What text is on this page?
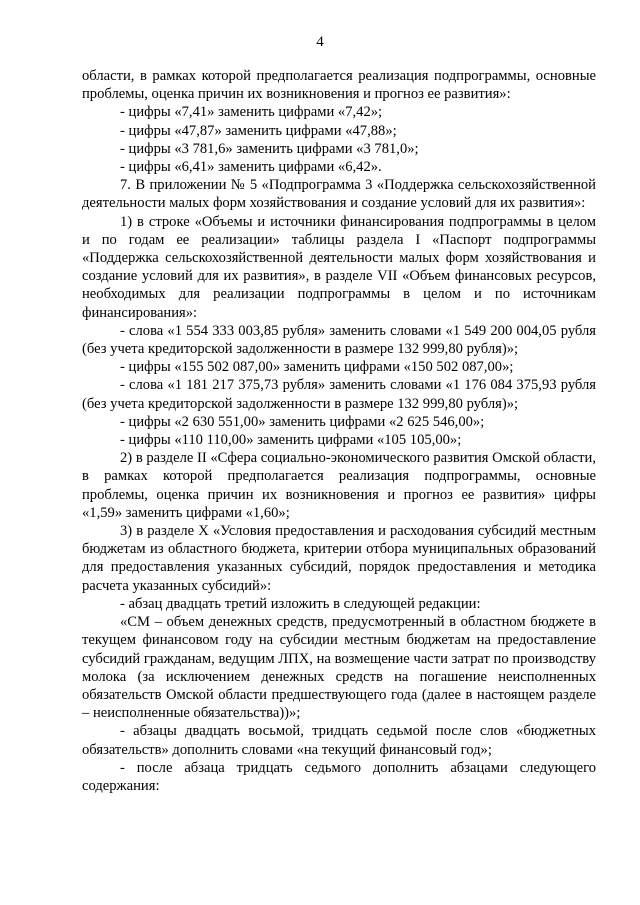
4

области, в рамках которой предполагается реализация подпрограммы, основные проблемы, оценка причин их возникновения и прогноз ее развития»:

- цифры «7,41» заменить цифрами «7,42»;

- цифры «47,87» заменить цифрами «47,88»;

- цифры «3 781,6» заменить цифрами «3 781,0»;

- цифры «6,41» заменить цифрами «6,42».

7. В приложении № 5 «Подпрограмма 3 «Поддержка сельскохозяйственной деятельности малых форм хозяйствования и создание условий для их развития»:

1) в строке «Объемы и источники финансирования подпрограммы в целом и по годам ее реализации» таблицы раздела I «Паспорт подпрограммы «Поддержка сельскохозяйственной деятельности малых форм хозяйствования и создание условий для их развития», в разделе VII «Объем финансовых ресурсов, необходимых для реализации подпрограммы в целом и по источникам финансирования»:

- слова «1 554 333 003,85 рубля» заменить словами «1 549 200 004,05 рубля (без учета кредиторской задолженности в размере 132 999,80 рубля)»;

- цифры «155 502 087,00» заменить цифрами «150 502 087,00»;

- слова «1 181 217 375,73 рубля» заменить словами «1 176 084 375,93 рубля (без учета кредиторской задолженности в размере 132 999,80 рубля)»;

- цифры «2 630 551,00» заменить цифрами «2 625 546,00»;

- цифры «110 110,00» заменить цифрами «105 105,00»;

2) в разделе II «Сфера социально-экономического развития Омской области, в рамках которой предполагается реализация подпрограммы, основные проблемы, оценка причин их возникновения и прогноз ее развития» цифры «1,59» заменить цифрами «1,60»;

3) в разделе X «Условия предоставления и расходования субсидий местным бюджетам из областного бюджета, критерии отбора муниципальных образований для предоставления указанных субсидий, порядок предоставления и методика расчета указанных субсидий»:

- абзац двадцать третий изложить в следующей редакции:

«СМ – объем денежных средств, предусмотренный в областном бюджете в текущем финансовом году на субсидии местным бюджетам на предоставление субсидий гражданам, ведущим ЛПХ, на возмещение части затрат по производству молока (за исключением денежных средств на погашение неисполненных обязательств Омской области предшествующего года (далее в настоящем разделе – неисполненные обязательства))»;

- абзацы двадцать восьмой, тридцать седьмой после слов «бюджетных обязательств» дополнить словами «на текущий финансовый год»;

- после абзаца тридцать седьмого дополнить абзацами следующего содержания:
